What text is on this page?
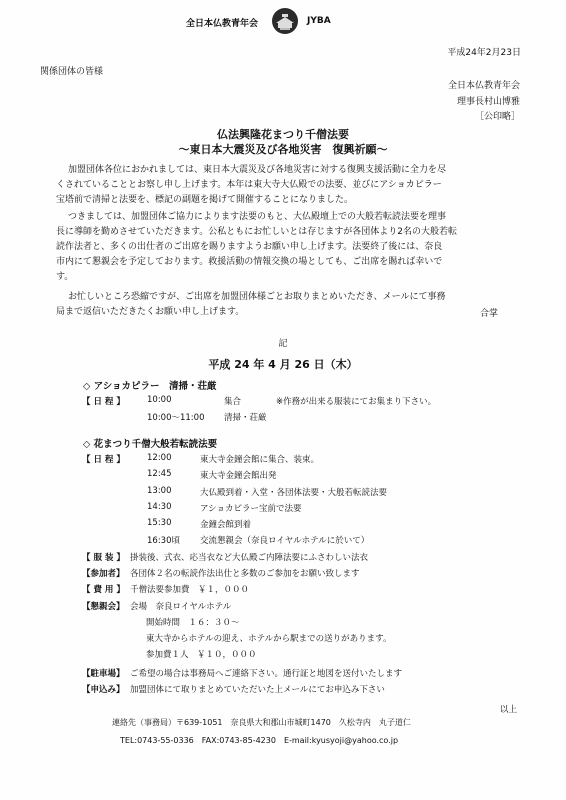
全日本仏教青年会	JYBA
平成24年2月23日
関係団体の皆様
全日本仏教青年会
理事長村山博雅
［公印略］
仏法興隆花まつり千僧法要
～東日本大震災及び各地災害　復興祈願～
加盟団体各位におかれましては、東日本大震災及び各地災害に対する復興支援活動に全力を尽
くされていることとお察し申し上げます。本年は東大寺大仏殿での法要、並びにアショカピラー
宝塔前で清掃と法要を、標記の副題を掲げて開催することになりました。
つきましては、加盟団体ご協力によります法要のもと、大仏殿壇上での大般若転読法要を理事
長に導師を勤めさせていただきます。公私ともにお忙しいとは存じますが各団体より2名の大般若転
読作法者と、多くの出仕者のご出席を賜りますようお願い申し上げます。法要終了後には、奈良
市内にて懇親会を予定しております。救援活動の情報交換の場としても、ご出席を賜れば幸いで
す。
お忙しいところ恐縮ですが、ご出席を加盟団体様ごとお取りまとめいただき、メールにて事務
局まで返信いただきたくお願い申し上げます。	合掌
記
平成 24 年 4 月 26 日（木）
◇ アショカピラー　清掃・荘厳
【 日 程 】	10:00	集合	※作務が出来る服装にてお集まり下さい。
10:00～11:00 清掃・荘厳
◇ 花まつり千僧大般若転読法要
【 日 程 】	12:00	東大寺金鐘会館に集合、装束。
12:45	東大寺金鐘会館出発
13:00	大仏殿到着・入堂・各団体法要・大般若転読法要
14:30	アショカピラー宝前で法要
15:30	金鐘会館到着
16:30頃 交流懇親会（奈良ロイヤルホテルに於いて）
【 服 装 】 掛装後、式衣、応当衣など大仏殿ご内陣法要にふさわしい法衣
【参加者】 各団体２名の転読作法出仕と多数のご参加をお願い致します
【 費 用 】 千僧法要参加費　￥１，０００
【懇親会】 会場　奈良ロイヤルホテル
開始時間　１６：３０～
東大寺からホテルの迎え、ホテルから駅までの送りがあります。
参加費１人　￥１０，０００
【駐車場】 ご希望の場合は事務局へご連絡下さい。通行証と地図を送付いたします
【申込み】 加盟団体にて取りまとめていただいた上メールにてお申込み下さい
以上
連絡先（事務局）〒639-1051　奈良県大和郡山市城町1470　久松寺内　丸子道仁
TEL:0743-55-0336　FAX:0743-85-4230　E-mail:kyusyoji@yahoo.co.jp
